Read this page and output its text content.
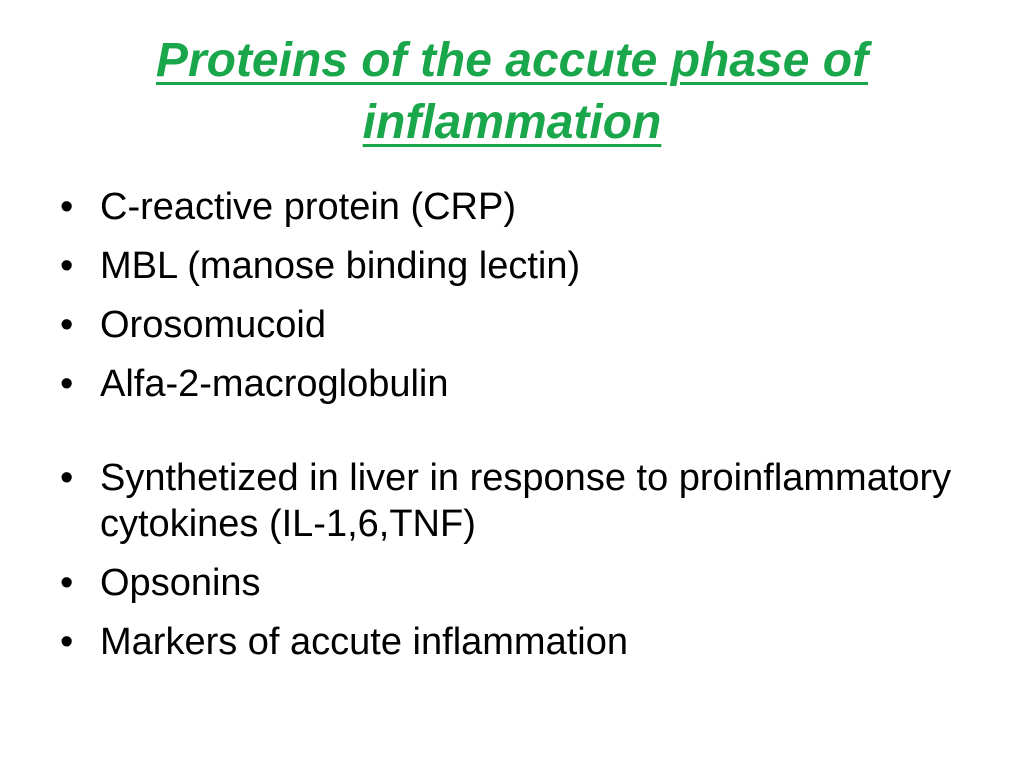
Proteins of the accute phase of
inflammation
• C-reactive protein (CRP)
• MBL (manose binding lectin)
• Orosomucoid
• Alfa-2-macroglobulin
• Synthetized in liver in response to proinflammatory cytokines (IL-1,6,TNF)
• Opsonins
• Markers of accute inflammation
